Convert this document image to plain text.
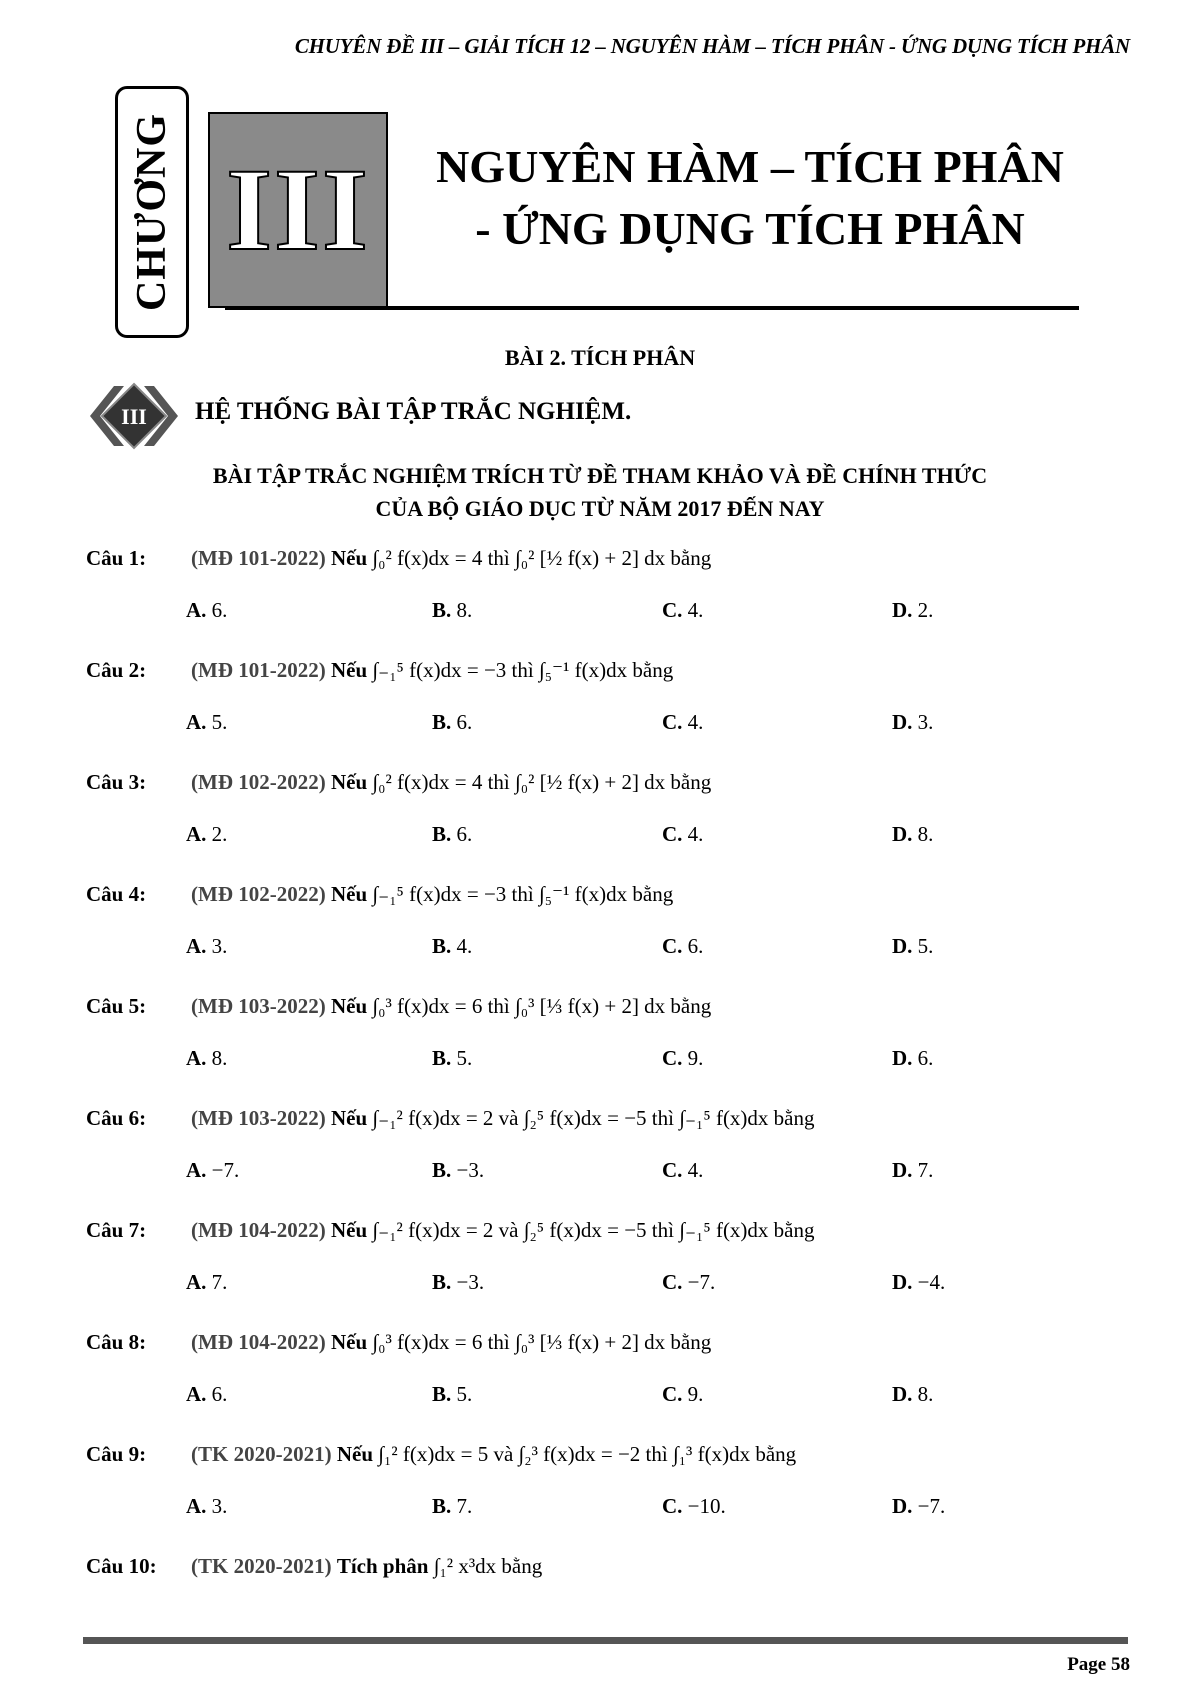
CHUYÊN ĐỀ III – GIẢI TÍCH 12 – NGUYÊN HÀM – TÍCH PHÂN - ỨNG DỤNG TÍCH PHÂN
CHƯƠNG III	NGUYÊN HÀM – TÍCH PHÂN
- ỨNG DỤNG TÍCH PHÂN
BÀI 2. TÍCH PHÂN
III HỆ THỐNG BÀI TẬP TRẮC NGHIỆM.
BÀI TẬP TRẮC NGHIỆM TRÍCH TỪ ĐỀ THAM KHẢO VÀ ĐỀ CHÍNH THỨC
CỦA BỘ GIÁO DỤC TỪ NĂM 2017 ĐẾN NAY
Câu 1: (MĐ 101-2022) Nếu ∫₀² f(x)dx = 4 thì ∫₀² [½ f(x) + 2] dx bằng
A. 6.	B. 8.	C. 4.	D. 2.
Câu 2: (MĐ 101-2022) Nếu ∫₋₁⁵ f(x)dx = −3 thì ∫₅⁻¹ f(x)dx bằng
A. 5.	B. 6.	C. 4.	D. 3.
Câu 3: (MĐ 102-2022) Nếu ∫₀² f(x)dx = 4 thì ∫₀² [½ f(x) + 2] dx bằng
A. 2.	B. 6.	C. 4.	D. 8.
Câu 4: (MĐ 102-2022) Nếu ∫₋₁⁵ f(x)dx = −3 thì ∫₅⁻¹ f(x)dx bằng
A. 3.	B. 4.	C. 6.	D. 5.
Câu 5: (MĐ 103-2022) Nếu ∫₀³ f(x)dx = 6 thì ∫₀³ [⅓ f(x) + 2] dx bằng
A. 8.	B. 5.	C. 9.	D. 6.
Câu 6: (MĐ 103-2022) Nếu ∫₋₁² f(x)dx = 2 và ∫₂⁵ f(x)dx = −5 thì ∫₋₁⁵ f(x)dx bằng
A. −7.	B. −3.	C. 4.	D. 7.
Câu 7: (MĐ 104-2022) Nếu ∫₋₁² f(x)dx = 2 và ∫₂⁵ f(x)dx = −5 thì ∫₋₁⁵ f(x)dx bằng
A. 7.	B. −3.	C. −7.	D. −4.
Câu 8: (MĐ 104-2022) Nếu ∫₀³ f(x)dx = 6 thì ∫₀³ [⅓ f(x) + 2] dx bằng
A. 6.	B. 5.	C. 9.	D. 8.
Câu 9: (TK 2020-2021) Nếu ∫₁² f(x)dx = 5 và ∫₂³ f(x)dx = −2 thì ∫₁³ f(x)dx bằng
A. 3.	B. 7.	C. −10.	D. −7.
Câu 10: (TK 2020-2021) Tích phân ∫₁² x³dx bằng
Page 58
